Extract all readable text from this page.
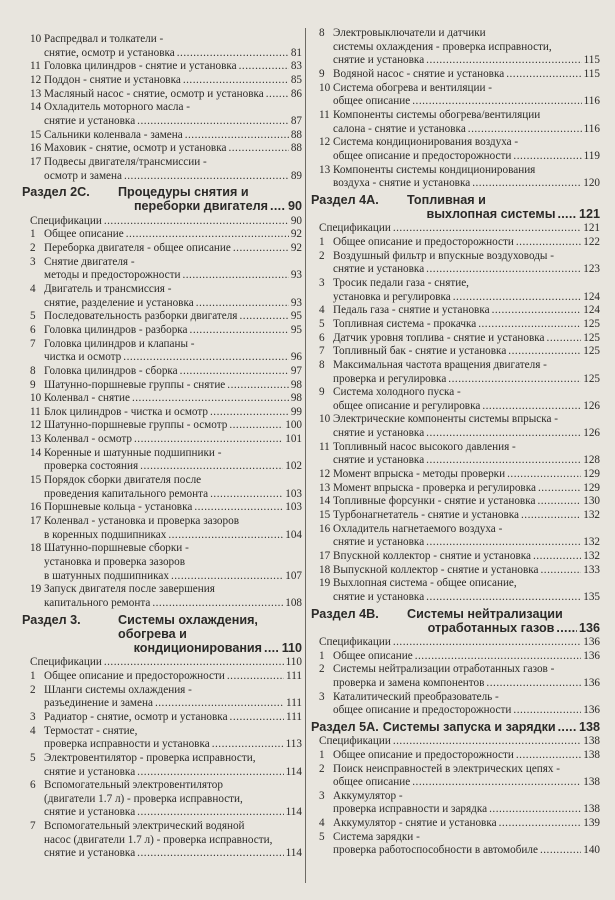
10 Распредвал и толкатели -
снятие, осмотр и установка .....	81
11 Головка цилиндров - снятие и установка .....	83
12 Поддон - снятие и установка .....	85
13 Масляный насос - снятие, осмотр и установка ..... 86
14 Охладитель моторного масла -
снятие и установка .....	87
15 Сальники коленвала - замена .....	88
16 Маховик - снятие, осмотр и установка .....	88
17 Подвесы двигателя/трансмиссии -
осмотр и замена .....	89
Раздел 2С.	Процедуры снятия и
переборки двигателя ..... 90
Спецификации .....	90
1 Общее описание .....	92
2 Переборка двигателя - общее описание .....	92
3 Снятие двигателя -
методы и предосторожности .....	93
4 Двигатель и трансмиссия -
снятие, разделение и установка .....	93
5 Последовательность разборки двигателя .....	95
6 Головка цилиндров - разборка .....	95
7 Головка цилиндров и клапаны -
чистка и осмотр .....	96
8 Головка цилиндров - сборка .....	97
9 Шатунно-поршневые группы - снятие .....	98
10 Коленвал - снятие .....	98
11 Блок цилиндров - чистка и осмотр .....	99
12 Шатунно-поршневые группы - осмотр .....	100
13 Коленвал - осмотр .....	101
14 Коренные и шатунные подшипники -
проверка состояния .....	102
15 Порядок сборки двигателя после
проведения капитального ремонта .....	103
16 Поршневые кольца - установка .....	103
17 Коленвал - установка и проверка зазоров
в коренных подшипниках .....	104
18 Шатунно-поршневые сборки -
установка и проверка зазоров
в шатунных подшипниках .....	107
19 Запуск двигателя после завершения
капитального ремонта .....	108
Раздел 3.	Системы охлаждения,
обогрева и
кондиционирования ..... 110
Спецификации .....	110
1 Общее описание и предосторожности .....	111
2 Шланги системы охлаждения -
разъединение и замена .....	111
3 Радиатор - снятие, осмотр и установка .....	111
4 Термостат - снятие,
проверка исправности и установка .....	113
5 Электровентилятор - проверка исправности,
снятие и установка .....	114
6 Вспомогательный электровентилятор
(двигатели 1.7 л) - проверка исправности,
снятие и установка .....	114
7 Вспомогательный электрический водяной
насос (двигатели 1.7 л) - проверка исправности,
снятие и установка .....	114
8 Электровыключатели и датчики
системы охлаждения - проверка исправности,
снятие и установка .....	115
9 Водяной насос - снятие и установка .....	115
10 Система обогрева и вентиляции -
общее описание .....	116
11 Компоненты системы обогрева/вентиляции
салона - снятие и установка .....	116
12 Система кондиционирования воздуха -
общее описание и предосторожности .....	119
13 Компоненты системы кондиционирования
воздуха - снятие и установка .....	120
Раздел 4А.	Топливная и
выхлопная системы ..... 121
Спецификации .....	121
1 Общее описание и предосторожности .....	122
2 Воздушный фильтр и впускные воздуховоды -
снятие и установка .....	123
3 Тросик педали газа - снятие,
установка и регулировка .....	124
4 Педаль газа - снятие и установка .....	124
5 Топливная система - прокачка .....	125
6 Датчик уровня топлива - снятие и установка .....	125
7 Топливный бак - снятие и установка .....	125
8 Максимальная частота вращения двигателя -
проверка и регулировка .....	125
9 Система холодного пуска -
общее описание и регулировка .....	126
10 Электрические компоненты системы впрыска -
снятие и установка .....	126
11 Топливный насос высокого давления -
снятие и установка .....	128
12 Момент впрыска - методы проверки .....	129
13 Момент впрыска - проверка и регулировка .....	129
14 Топливные форсунки - снятие и установка .....	130
15 Турбонагнетатель - снятие и установка .....	132
16 Охладитель нагнетаемого воздуха -
снятие и установка .....	132
17 Впускной коллектор - снятие и установка .....	132
18 Выпускной коллектор - снятие и установка .....	133
19 Выхлопная система - общее описание,
снятие и установка .....	135
Раздел 4В.	Системы нейтрализации
отработанных газов ..... 136
Спецификации .....	136
1 Общее описание .....	136
2 Системы нейтрализации отработанных газов -
проверка и замена компонентов .....	136
3 Каталитический преобразователь -
общее описание и предосторожности .....	136
Раздел 5А. Системы запуска и зарядки ..... 138
Спецификации .....	138
1 Общее описание и предосторожности .....	138
2 Поиск неисправностей в электрических цепях -
общее описание .....	138
3 Аккумулятор -
проверка исправности и зарядка .....	138
4 Аккумулятор - снятие и установка .....	139
5 Система зарядки -
проверка работоспособности в автомобиле .....	140
